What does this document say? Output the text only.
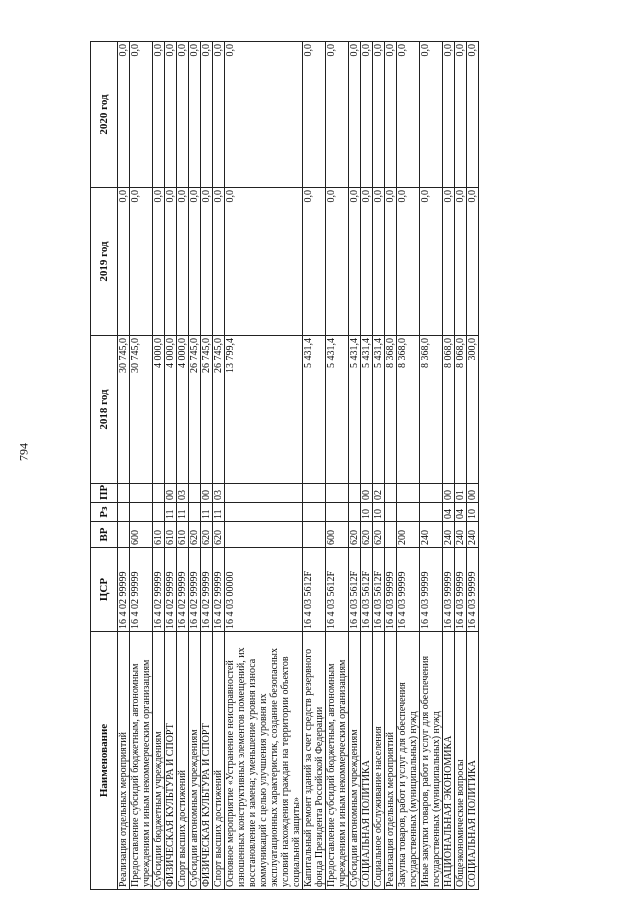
794
Наименование	ЦСР	ВР	Рз	ПР	2018 год	2019 год	2020 год
Реализация отдельных мероприятий	16 4 02 99999				30 745,0	0,0	0,0
Предоставление субсидий бюджетным, автономным учреждениям и иным некоммерческим организациям	16 4 02 99999	600			30 745,0	0,0	0,0
Субсидии бюджетным учреждениям	16 4 02 99999	610			4 000,0	0,0	0,0
ФИЗИЧЕСКАЯ КУЛЬТУРА И СПОРТ	16 4 02 99999	610	11	00	4 000,0	0,0	0,0
Спорт высших достижений	16 4 02 99999	610	11	03	4 000,0	0,0	0,0
Субсидии автономным учреждениям	16 4 02 99999	620			26 745,0	0,0	0,0
ФИЗИЧЕСКАЯ КУЛЬТУРА И СПОРТ	16 4 02 99999	620	11	00	26 745,0	0,0	0,0
Спорт высших достижений	16 4 02 99999	620	11	03	26 745,0	0,0	0,0
Основное мероприятие «Устранение неисправностей изношенных конструктивных элементов помещений, их восстановление и замена; уменьшение уровня износа коммуникаций с целью улучшения уровня их эксплуатационных характеристик, создание безопасных условий нахождения граждан на территории объектов социальной защиты»	16 4 03 00000				13 799,4	0,0	0,0
Капитальный ремонт зданий за счет средств резервного фонда Президента Российской Федерации	16 4 03 5612F				5 431,4	0,0	0,0
Предоставление субсидий бюджетным, автономным учреждениям и иным некоммерческим организациям	16 4 03 5612F	600			5 431,4	0,0	0,0
Субсидии автономным учреждениям	16 4 03 5612F	620			5 431,4	0,0	0,0
СОЦИАЛЬНАЯ ПОЛИТИКА	16 4 03 5612F	620	10	00	5 431,4	0,0	0,0
Социальное обслуживание населения	16 4 03 5612F	620	10	02	5 431,4	0,0	0,0
Реализация отдельных мероприятий	16 4 03 99999				8 368,0	0,0	0,0
Закупка товаров, работ и услуг для обеспечения государственных (муниципальных) нужд	16 4 03 99999	200			8 368,0	0,0	0,0
Иные закупки товаров, работ и услуг для обеспечения государственных (муниципальных) нужд	16 4 03 99999	240			8 368,0	0,0	0,0
НАЦИОНАЛЬНАЯ ЭКОНОМИКА	16 4 03 99999	240	04	00	8 068,0	0,0	0,0
Общеэкономические вопросы	16 4 03 99999	240	04	01	8 068,0	0,0	0,0
СОЦИАЛЬНАЯ ПОЛИТИКА	16 4 03 99999	240	10	00	300,0	0,0	0,0
